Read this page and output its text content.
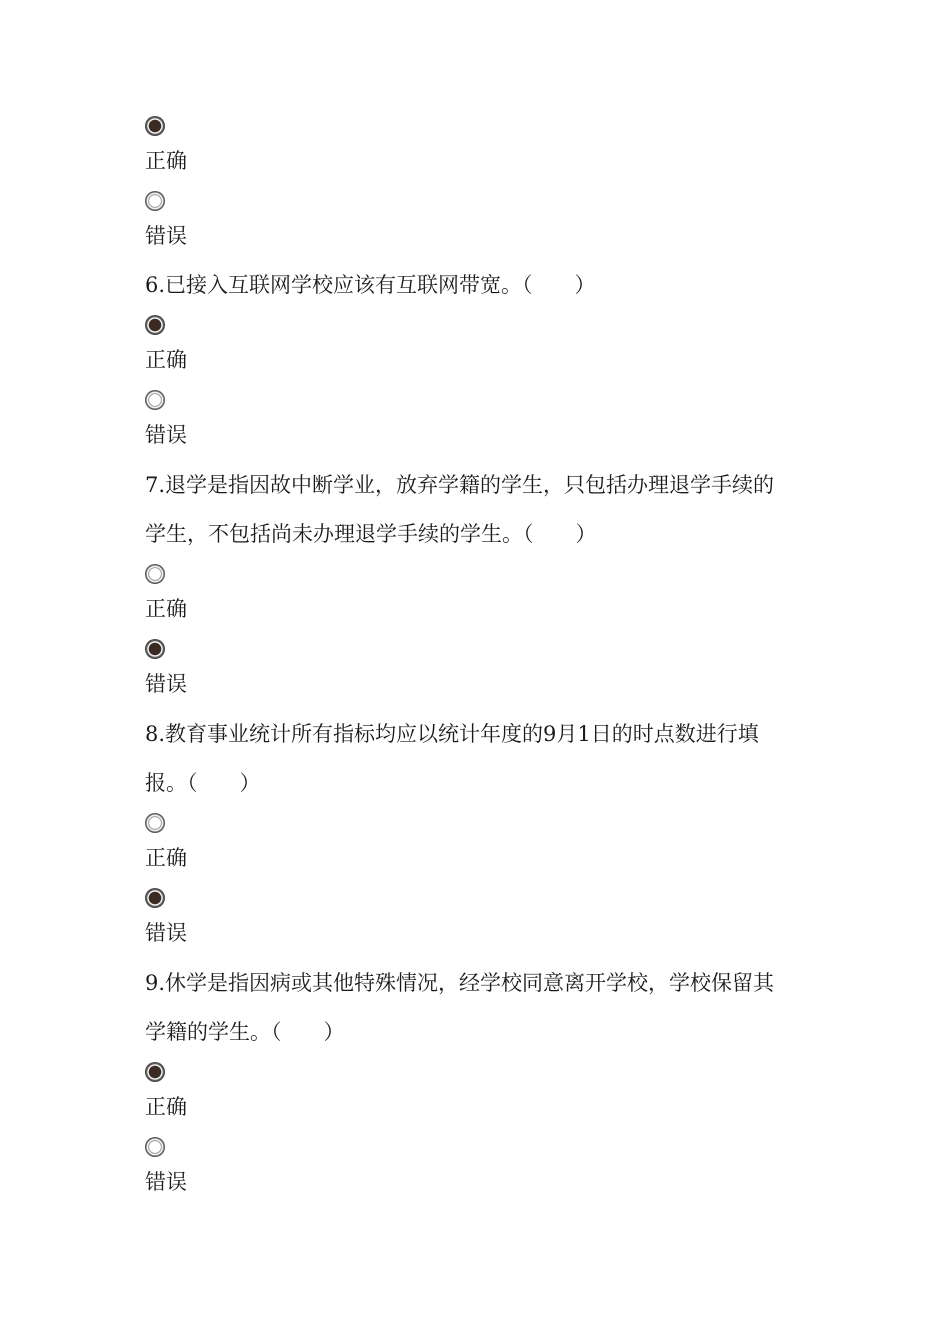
正确
错误
6.已接入互联网学校应该有互联网带宽。（　　）
正确
错误
7.退学是指因故中断学业，放弃学籍的学生，只包括办理退学手续的
学生，不包括尚未办理退学手续的学生。（　　）
正确
错误
8.教育事业统计所有指标均应以统计年度的9月1日的时点数进行填
报。（　　）
正确
错误
9.休学是指因病或其他特殊情况，经学校同意离开学校，学校保留其
学籍的学生。（　　）
正确
错误
